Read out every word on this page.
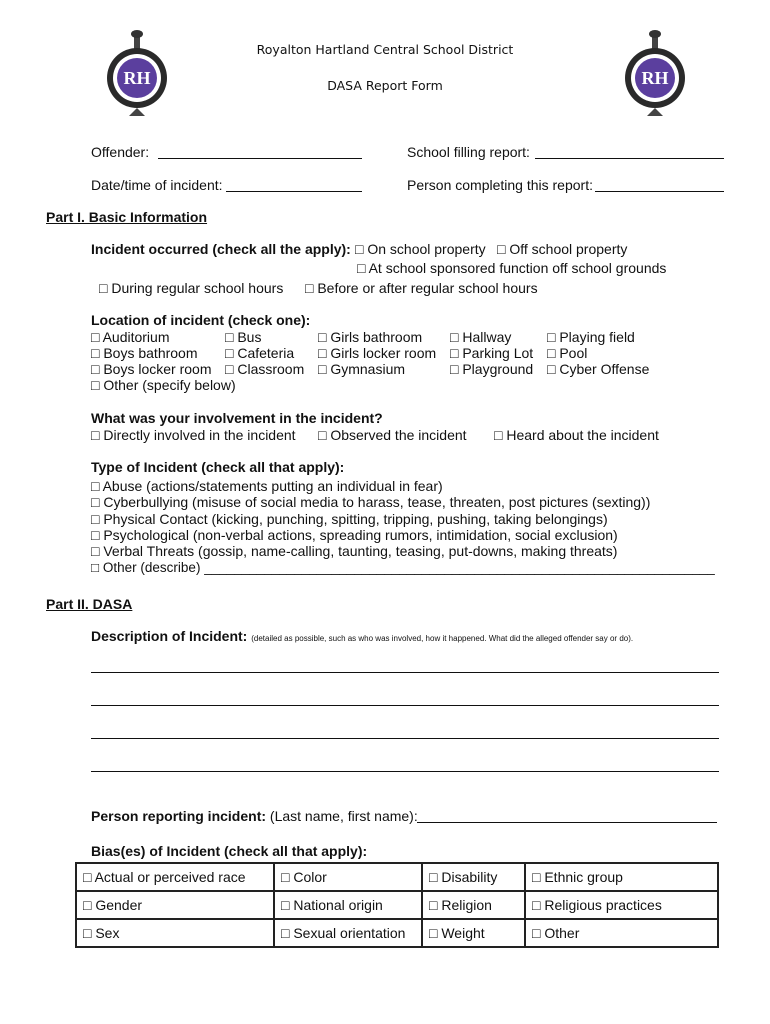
RH	RH
Royalton Hartland Central School District
DASA Report Form
Offender:	School filling report:
Date/time of incident:	Person completing this report:
Part I. Basic Information
Incident occurred (check all the apply): □ On school property □ Off school property
□ At school sponsored function off school grounds
□ During regular school hours □ Before or after regular school hours
Location of incident (check one):
□ Auditorium	□ Bus	□ Girls bathroom □ Hallway	□ Playing field
□ Boys bathroom □ Cafeteria □ Girls locker room □ Parking Lot □ Pool
□ Boys locker room □ Classroom □ Gymnasium	□ Playground □ Cyber Offense
□ Other (specify below)
What was your involvement in the incident?
□ Directly involved in the incident □ Observed the incident □ Heard about the incident
Type of Incident (check all that apply):
□ Abuse (actions/statements putting an individual in fear)
□ Cyberbullying (misuse of social media to harass, tease, threaten, post pictures (sexting))
□ Physical Contact (kicking, punching, spitting, tripping, pushing, taking belongings)
□ Psychological (non-verbal actions, spreading rumors, intimidation, social exclusion)
□ Verbal Threats (gossip, name-calling, taunting, teasing, put-downs, making threats)
□ Other (describe) ____________________________________________________________________
Part II. DASA
Description of Incident: (detailed as possible, such as who was involved, how it happened. What did the alleged offender say or do).
Person reporting incident: (Last name, first name):
Bias(es) of Incident (check all that apply):
□ Actual or perceived race	□ Color	□ Disability	□ Ethnic group
□ Gender	□ National origin	□ Religion	□ Religious practices
□ Sex	□ Sexual orientation	□ Weight	□ Other
